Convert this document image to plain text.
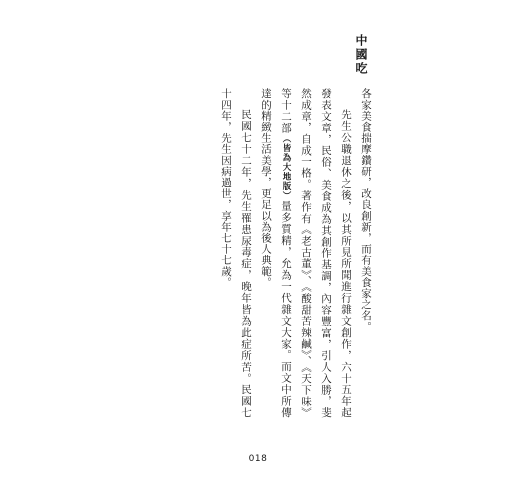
中國吃

各家美食揣摩鑽研，改良創新，而有美食家之名。

先生公職退休之後，以其所見所聞進行雜文創作，六十五年起發表文章，民俗、美食成為其創作基調，內容豐富，引人入勝，斐然成章，自成一格。著作有《老古董》、《酸甜苦辣鹹》、《天下味》等十二部（皆為大地版）量多質精，允為一代雜文大家。而文中所傳達的精緻生活美學，更足以為後人典範。

民國七十二年，先生罹患尿毒症，晚年皆為此症所苦。民國七十四年，先生因病過世，享年七十七歲。

018
